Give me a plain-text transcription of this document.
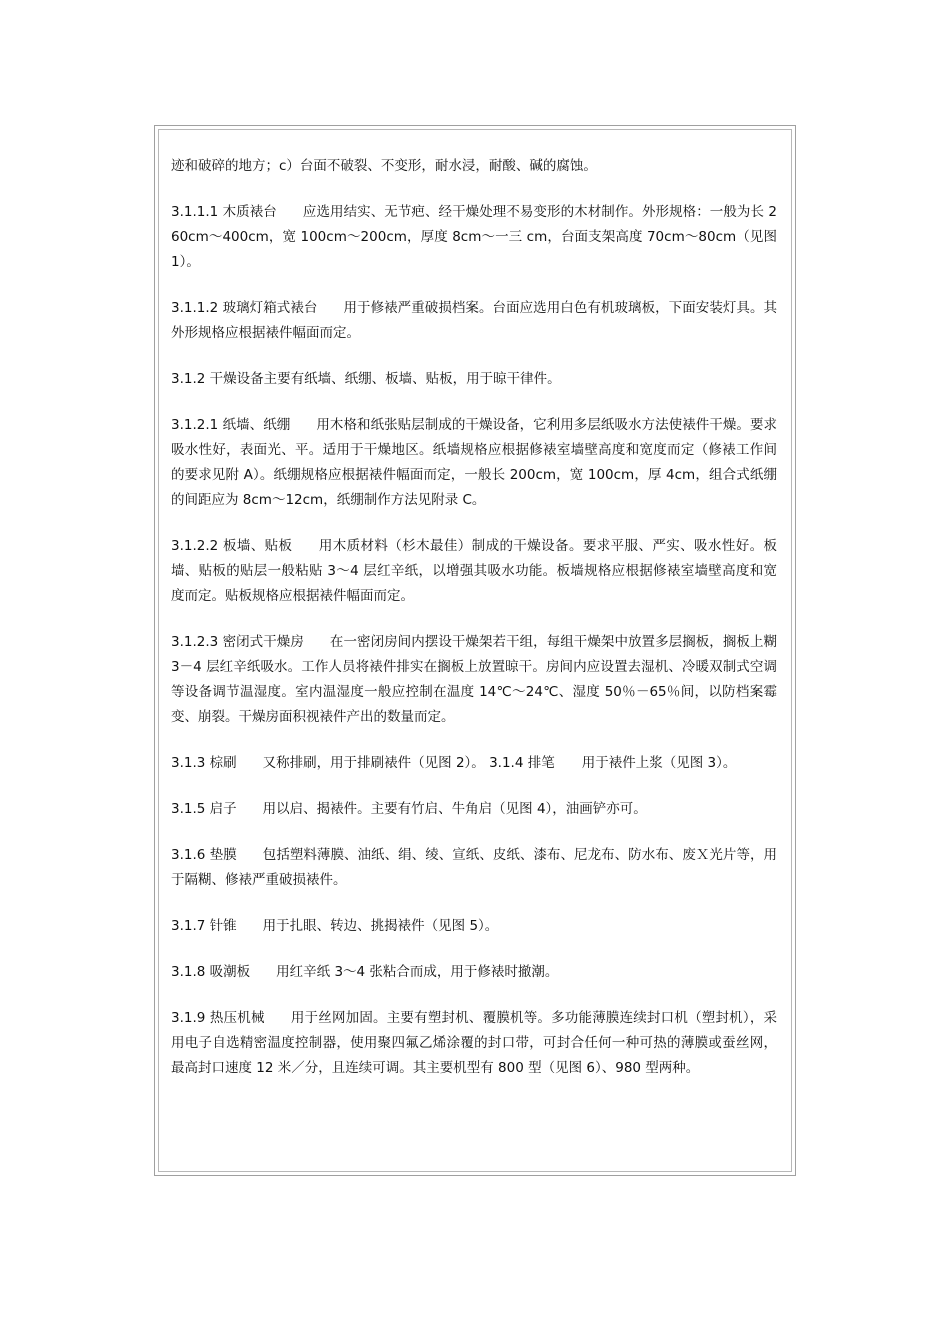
迹和破碎的地方；c）台面不破裂、不变形，耐水浸，耐酸、碱的腐蚀。

3.1.1.1 木质裱台 应选用结实、无节疤、经干燥处理不易变形的木材制作。外形规格：一般为长 260cm～400cm，宽 100cm～200cm，厚度 8cm～一三 cm，台面支架高度 70cm～80cm（见图 1）。

3.1.1.2 玻璃灯箱式裱台 用于修裱严重破损档案。台面应选用白色有机玻璃板，下面安装灯具。其外形规格应根据裱件幅面而定。

3.1.2 干燥设备主要有纸墙、纸绷、板墙、贴板，用于晾干律件。

3.1.2.1 纸墙、纸绷 用木格和纸张贴层制成的干燥设备，它利用多层纸吸水方法使裱件干燥。要求吸水性好，表面光、平。适用于干燥地区。纸墙规格应根据修裱室墙壁高度和宽度而定（修裱工作间的要求见附 A）。纸绷规格应根据裱件幅面而定，一般长 200cm，宽 100cm，厚 4cm，组合式纸绷的间距应为 8cm～12cm，纸绷制作方法见附录 C。

3.1.2.2 板墙、贴板 用木质材料（杉木最佳）制成的干燥设备。要求平服、严实、吸水性好。板墙、贴板的贴层一般粘贴 3～4 层红辛纸，以增强其吸水功能。板墙规格应根据修裱室墙壁高度和宽度而定。贴板规格应根据裱件幅面而定。

3.1.2.3 密闭式干燥房 在一密闭房间内摆设干燥架若干组，每组干燥架中放置多层搁板，搁板上糊 3－4 层红辛纸吸水。工作人员将裱件排实在搁板上放置晾干。房间内应设置去湿机、冷暖双制式空调等设备调节温湿度。室内温湿度一般应控制在温度 14℃～24℃、湿度 50％－65％间，以防档案霉变、崩裂。干燥房面积视裱件产出的数量而定。

3.1.3 棕刷 又称排刷，用于排刷裱件（见图 2）。 3.1.4 排笔　　用于裱件上浆（见图 3）。

3.1.5 启子 用以启、揭裱件。主要有竹启、牛角启（见图 4），油画铲亦可。

3.1.6 垫膜 包括塑料薄膜、油纸、绢、绫、宣纸、皮纸、漆布、尼龙布、防水布、废Ｘ光片等，用于隔糊、修裱严重破损裱件。

3.1.7 针锥 用于扎眼、转边、挑揭裱件（见图 5）。

3.1.8 吸潮板 用红辛纸 3～4 张粘合而成，用于修裱时撤潮。

3.1.9 热压机械 用于丝网加固。主要有塑封机、覆膜机等。多功能薄膜连续封口机（塑封机），采用电子自选精密温度控制器，使用聚四氟乙烯涂覆的封口带，可封合任何一种可热的薄膜或蚕丝网，最高封口速度 12 米／分，且连续可调。其主要机型有 800 型（见图 6）、980 型两种。
